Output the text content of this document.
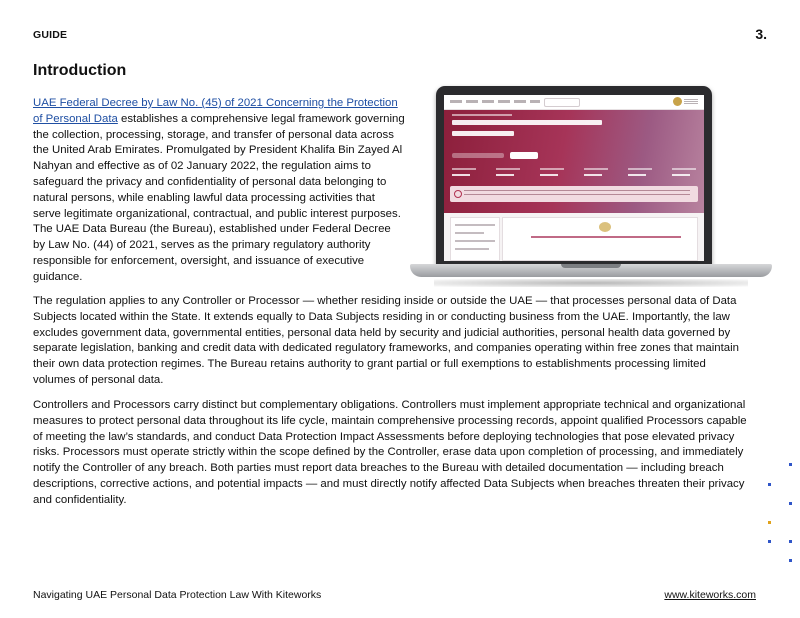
GUIDE	3.
Introduction

UAE Federal Decree by Law No. (45) of 2021 Concerning the Protection of Personal Data establishes a comprehensive legal framework governing the collection, processing, storage, and transfer of personal data across the United Arab Emirates. Promulgated by President Khalifa Bin Zayed Al Nahyan and effective as of 02 January 2022, the regulation aims to safeguard the privacy and confidentiality of personal data belonging to natural persons, while enabling lawful data processing activities that serve legitimate organizational, contractual, and public interest purposes. The UAE Data Bureau (the Bureau), established under Federal Decree by Law No. (44) of 2021, serves as the primary regulatory authority responsible for enforcement, oversight, and issuance of executive guidance.

The regulation applies to any Controller or Processor — whether residing inside or outside the UAE — that processes personal data of Data Subjects located within the State. It extends equally to Data Subjects residing in or conducting business from the UAE. Importantly, the law excludes government data, governmental entities, personal data held by security and judicial authorities, personal health data governed by separate legislation, banking and credit data with dedicated regulatory frameworks, and companies operating within free zones that maintain their own data protection regimes. The Bureau retains authority to grant partial or full exemptions to establishments processing limited volumes of personal data.

Controllers and Processors carry distinct but complementary obligations. Controllers must implement appropriate technical and organizational measures to protect personal data throughout its life cycle, maintain comprehensive processing records, appoint qualified Processors capable of meeting the law’s standards, and conduct Data Protection Impact Assessments before deploying technologies that pose elevated privacy risks. Processors must operate strictly within the scope defined by the Controller, erase data upon completion of processing, and immediately notify the Controller of any breach. Both parties must report data breaches to the Bureau with detailed documentation — including breach descriptions, corrective actions, and potential impacts — and must directly notify affected Data Subjects when breaches threaten their privacy and confidentiality.

Navigating UAE Personal Data Protection Law With Kiteworks	www.kiteworks.com
